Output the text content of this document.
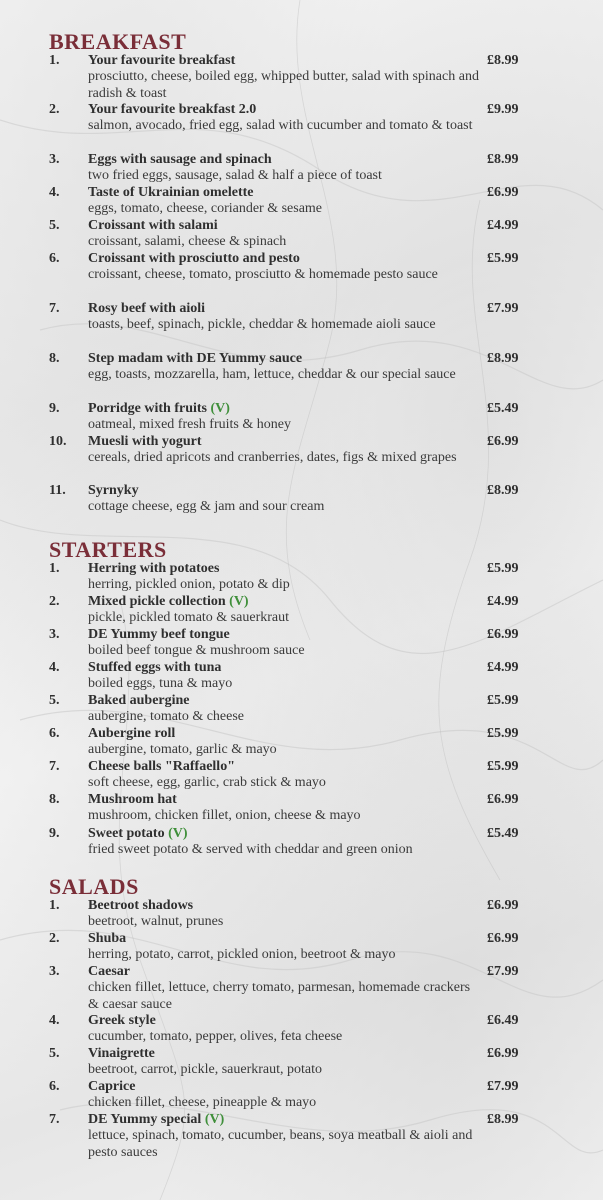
BREAKFAST
1. Your favourite breakfast
prosciutto, cheese, boiled egg, whipped butter, salad with spinach and radish & toast
£8.99
2. Your favourite breakfast 2.0
salmon, avocado, fried egg, salad with cucumber and tomato & toast
£9.99
3. Eggs with sausage and spinach
two fried eggs, sausage, salad & half a piece of toast
£8.99
4. Taste of Ukrainian omelette
eggs, tomato, cheese, coriander & sesame
£6.99
5. Croissant with salami
croissant, salami, cheese & spinach
£4.99
6. Croissant with prosciutto and pesto
croissant, cheese, tomato, prosciutto & homemade pesto sauce
£5.99
7. Rosy beef with aioli
toasts, beef, spinach, pickle, cheddar & homemade aioli sauce
£7.99
8. Step madam with DE Yummy sauce
egg, toasts, mozzarella, ham, lettuce, cheddar & our special sauce
£8.99
9. Porridge with fruits (V)
oatmeal, mixed fresh fruits & honey
£5.49
10. Muesli with yogurt
cereals, dried apricots and cranberries, dates, figs & mixed grapes
£6.99
11. Syrnyky
cottage cheese, egg & jam and sour cream
£8.99
STARTERS
1. Herring with potatoes
herring, pickled onion, potato & dip
£5.99
2. Mixed pickle collection (V)
pickle, pickled tomato & sauerkraut
£4.99
3. DE Yummy beef tongue
boiled beef tongue & mushroom sauce
£6.99
4. Stuffed eggs with tuna
boiled eggs, tuna & mayo
£4.99
5. Baked aubergine
aubergine, tomato & cheese
£5.99
6. Aubergine roll
aubergine, tomato, garlic & mayo
£5.99
7. Cheese balls "Raffaello"
soft cheese, egg, garlic, crab stick & mayo
£5.99
8. Mushroom hat
mushroom, chicken fillet, onion, cheese & mayo
£6.99
9. Sweet potato (V)
fried sweet potato & served with cheddar and green onion
£5.49
SALADS
1. Beetroot shadows
beetroot, walnut, prunes
£6.99
2. Shuba
herring, potato, carrot, pickled onion, beetroot & mayo
£6.99
3. Caesar
chicken fillet, lettuce, cherry tomato, parmesan, homemade crackers & caesar sauce
£7.99
4. Greek style
cucumber, tomato, pepper, olives, feta cheese
£6.49
5. Vinaigrette
beetroot, carrot, pickle, sauerkraut, potato
£6.99
6. Caprice
chicken fillet, cheese, pineapple & mayo
£7.99
7. DE Yummy special (V)
lettuce, spinach, tomato, cucumber, beans, soya meatball & aioli and pesto sauces
£8.99
